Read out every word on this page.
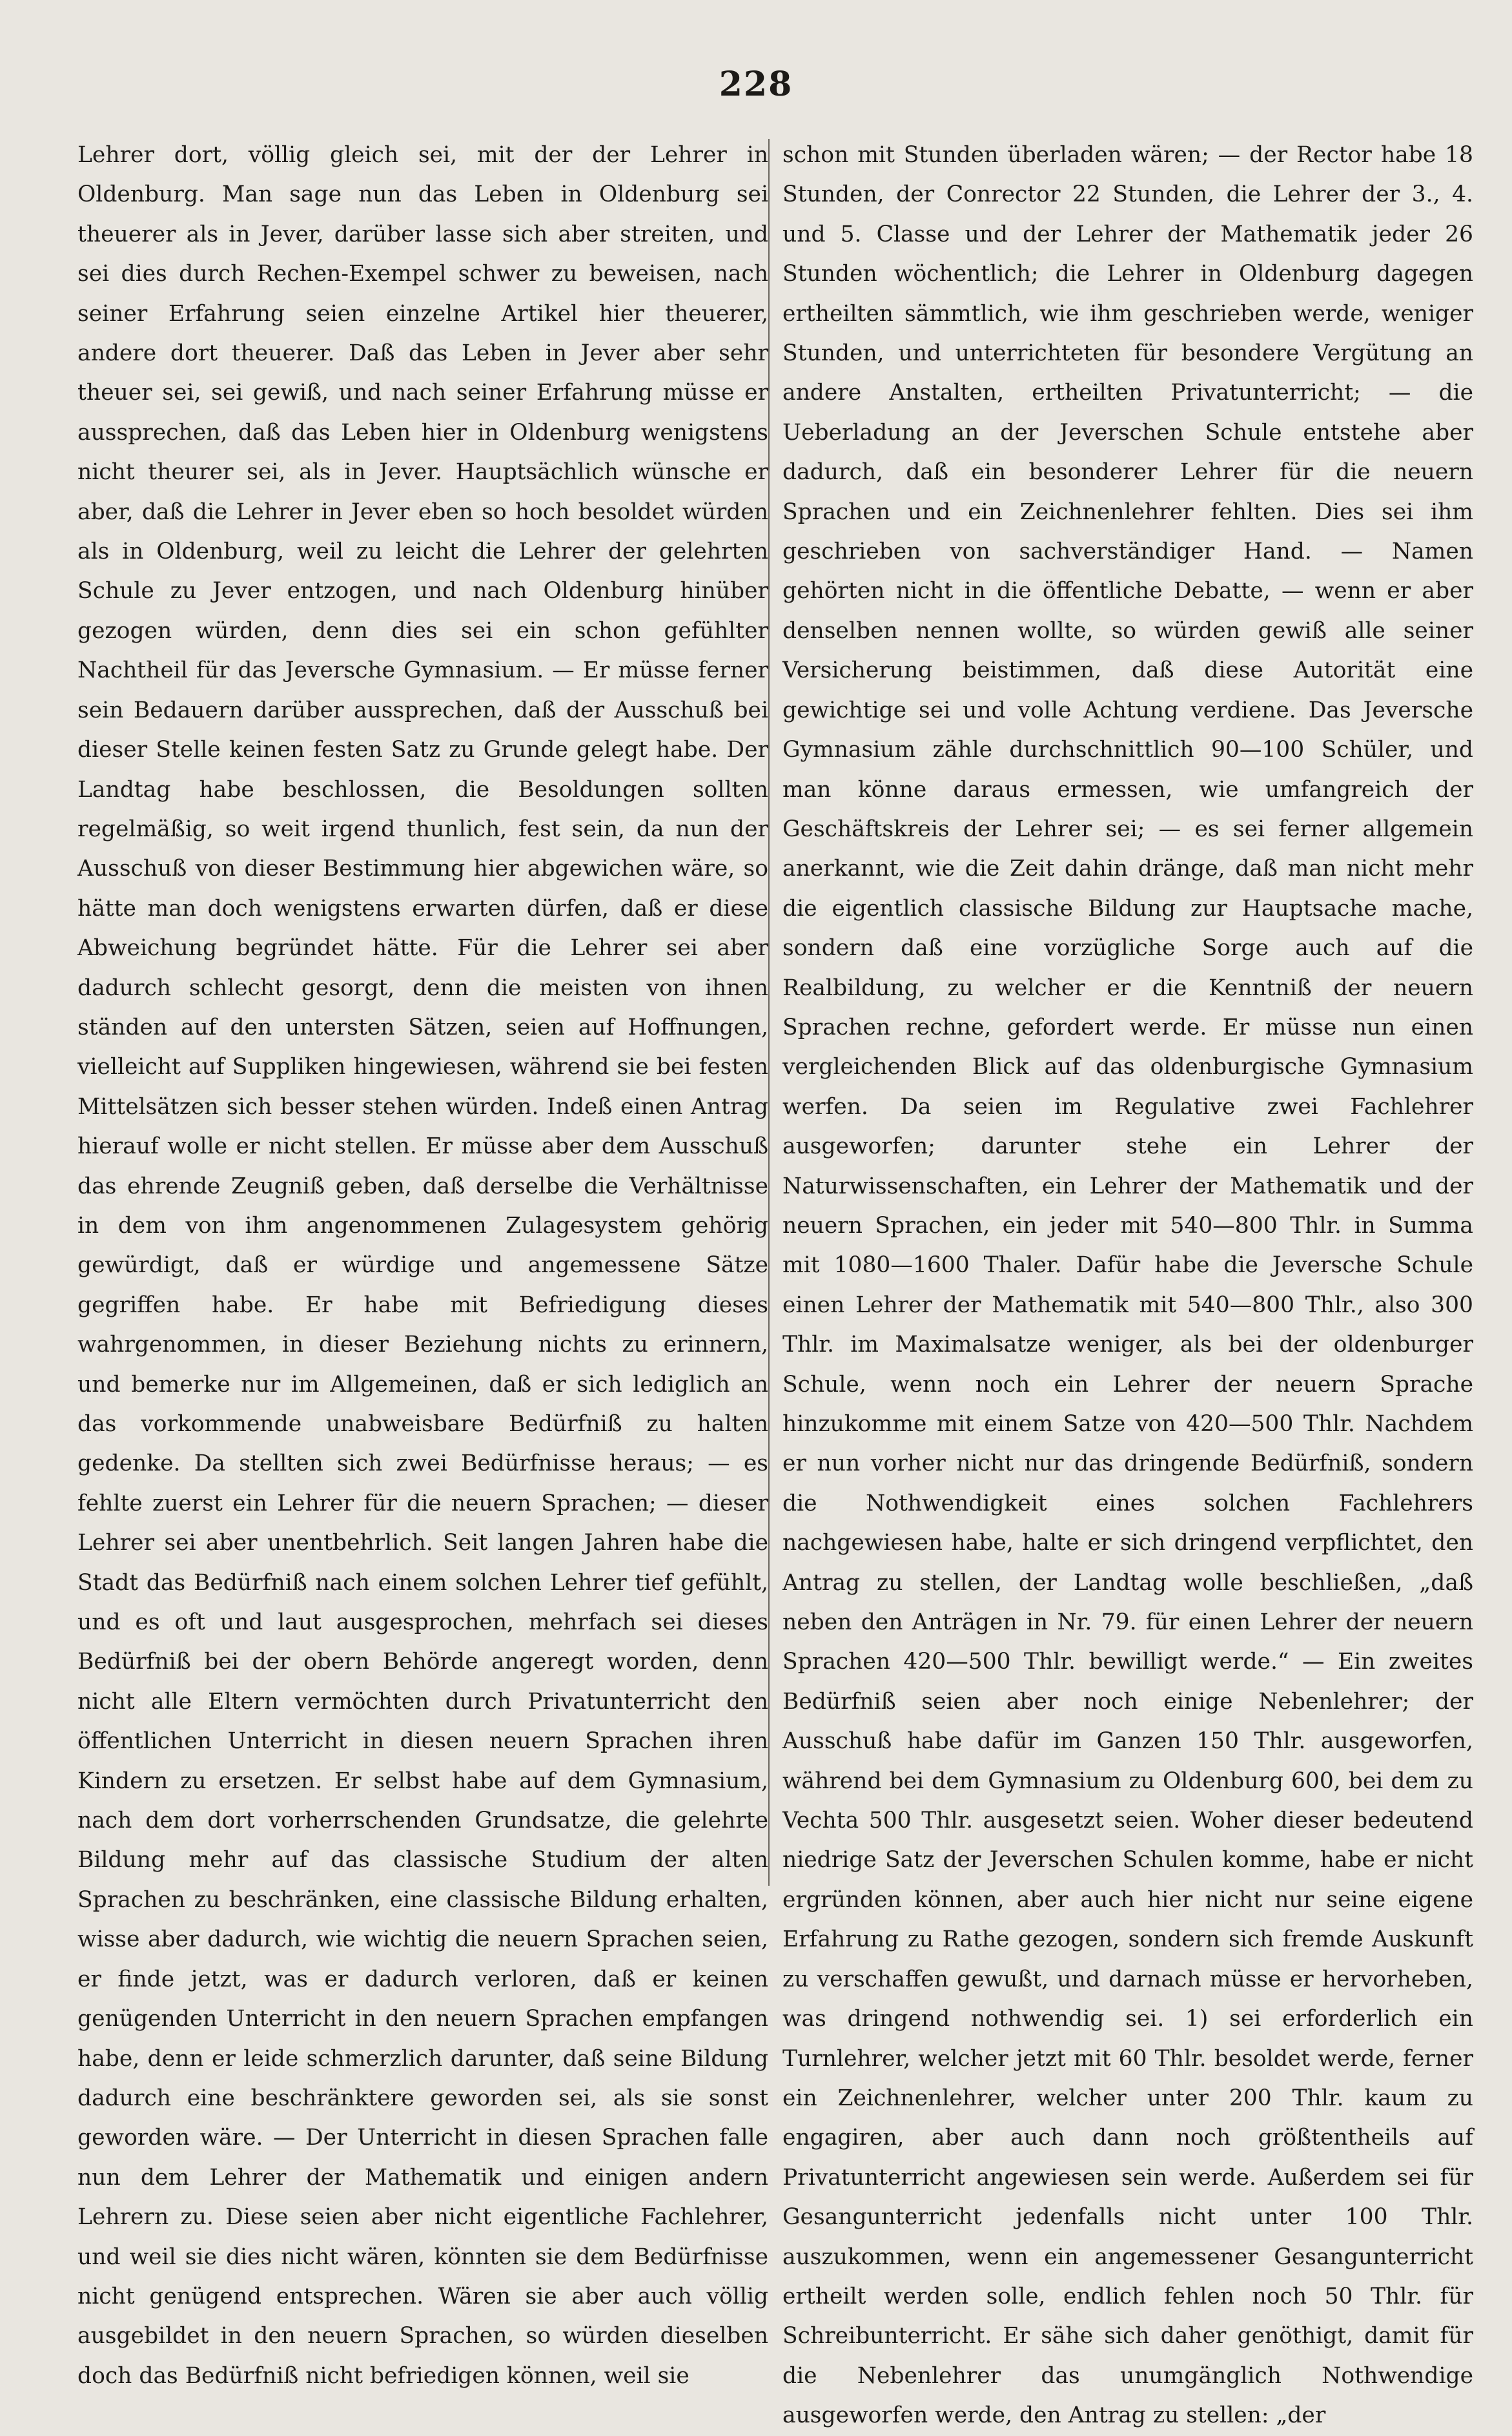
228

Lehrer dort, völlig gleich sei, mit der der Lehrer in Oldenburg. Man sage nun das Leben in Oldenburg sei theuerer als in Jever, darüber lasse sich aber streiten, und sei dies durch Rechen-Exempel schwer zu beweisen, nach seiner Erfahrung seien einzelne Artikel hier theuerer, andere dort theuerer. Daß das Leben in Jever aber sehr theuer sei, sei gewiß, und nach seiner Erfahrung müsse er aussprechen, daß das Leben hier in Oldenburg wenigstens nicht theurer sei, als in Jever. Hauptsächlich wünsche er aber, daß die Lehrer in Jever eben so hoch besoldet würden als in Oldenburg, weil zu leicht die Lehrer der gelehrten Schule zu Jever entzogen, und nach Oldenburg hinüber gezogen würden, denn dies sei ein schon gefühlter Nachtheil für das Jeversche Gymnasium. — Er müsse ferner sein Bedauern darüber aussprechen, daß der Ausschuß bei dieser Stelle keinen festen Satz zu Grunde gelegt habe. Der Landtag habe beschlossen, die Besoldungen sollten regelmäßig, so weit irgend thunlich, fest sein, da nun der Ausschuß von dieser Bestimmung hier abgewichen wäre, so hätte man doch wenigstens erwarten dürfen, daß er diese Abweichung begründet hätte. Für die Lehrer sei aber dadurch schlecht gesorgt, denn die meisten von ihnen ständen auf den untersten Sätzen, seien auf Hoffnungen, vielleicht auf Suppliken hingewiesen, während sie bei festen Mittelsätzen sich besser stehen würden. Indeß einen Antrag hierauf wolle er nicht stellen. Er müsse aber dem Ausschuß das ehrende Zeugniß geben, daß derselbe die Verhältnisse in dem von ihm angenommenen Zulagesystem gehörig gewürdigt, daß er würdige und angemessene Sätze gegriffen habe. Er habe mit Befriedigung dieses wahrgenommen, in dieser Beziehung nichts zu erinnern, und bemerke nur im Allgemeinen, daß er sich lediglich an das vorkommende unabweisbare Bedürfniß zu halten gedenke. Da stellten sich zwei Bedürfnisse heraus; — es fehlte zuerst ein Lehrer für die neuern Sprachen; — dieser Lehrer sei aber unentbehrlich. Seit langen Jahren habe die Stadt das Bedürfniß nach einem solchen Lehrer tief gefühlt, und es oft und laut ausgesprochen, mehrfach sei dieses Bedürfniß bei der obern Behörde angeregt worden, denn nicht alle Eltern vermöchten durch Privatunterricht den öffentlichen Unterricht in diesen neuern Sprachen ihren Kindern zu ersetzen. Er selbst habe auf dem Gymnasium, nach dem dort vorherrschenden Grundsatze, die gelehrte Bildung mehr auf das classische Studium der alten Sprachen zu beschränken, eine classische Bildung erhalten, wisse aber dadurch, wie wichtig die neuern Sprachen seien, er finde jetzt, was er dadurch verloren, daß er keinen genügenden Unterricht in den neuern Sprachen empfangen habe, denn er leide schmerzlich darunter, daß seine Bildung dadurch eine beschränktere geworden sei, als sie sonst geworden wäre. — Der Unterricht in diesen Sprachen falle nun dem Lehrer der Mathematik und einigen andern Lehrern zu. Diese seien aber nicht eigentliche Fachlehrer, und weil sie dies nicht wären, könnten sie dem Bedürfnisse nicht genügend entsprechen. Wären sie aber auch völlig ausgebildet in den neuern Sprachen, so würden dieselben doch das Bedürfniß nicht befriedigen können, weil sie

schon mit Stunden überladen wären; — der Rector habe 18 Stunden, der Conrector 22 Stunden, die Lehrer der 3., 4. und 5. Classe und der Lehrer der Mathematik jeder 26 Stunden wöchentlich; die Lehrer in Oldenburg dagegen ertheilten sämmtlich, wie ihm geschrieben werde, weniger Stunden, und unterrichteten für besondere Vergütung an andere Anstalten, ertheilten Privatunterricht; — die Ueberladung an der Jeverschen Schule entstehe aber dadurch, daß ein besonderer Lehrer für die neuern Sprachen und ein Zeichnenlehrer fehlten. Dies sei ihm geschrieben von sachverständiger Hand. — Namen gehörten nicht in die öffentliche Debatte, — wenn er aber denselben nennen wollte, so würden gewiß alle seiner Versicherung beistimmen, daß diese Autorität eine gewichtige sei und volle Achtung verdiene. Das Jeversche Gymnasium zähle durchschnittlich 90—100 Schüler, und man könne daraus ermessen, wie umfangreich der Geschäftskreis der Lehrer sei; — es sei ferner allgemein anerkannt, wie die Zeit dahin dränge, daß man nicht mehr die eigentlich classische Bildung zur Hauptsache mache, sondern daß eine vorzügliche Sorge auch auf die Realbildung, zu welcher er die Kenntniß der neuern Sprachen rechne, gefordert werde. Er müsse nun einen vergleichenden Blick auf das oldenburgische Gymnasium werfen. Da seien im Regulative zwei Fachlehrer ausgeworfen; darunter stehe ein Lehrer der Naturwissenschaften, ein Lehrer der Mathematik und der neuern Sprachen, ein jeder mit 540—800 Thlr. in Summa mit 1080—1600 Thaler. Dafür habe die Jeversche Schule einen Lehrer der Mathematik mit 540—800 Thlr., also 300 Thlr. im Maximalsatze weniger, als bei der oldenburger Schule, wenn noch ein Lehrer der neuern Sprache hinzukomme mit einem Satze von 420—500 Thlr. Nachdem er nun vorher nicht nur das dringende Bedürfniß, sondern die Nothwendigkeit eines solchen Fachlehrers nachgewiesen habe, halte er sich dringend verpflichtet, den Antrag zu stellen, der Landtag wolle beschließen, „daß neben den Anträgen in Nr. 79. für einen Lehrer der neuern Sprachen 420—500 Thlr. bewilligt werde.“ — Ein zweites Bedürfniß seien aber noch einige Nebenlehrer; der Ausschuß habe dafür im Ganzen 150 Thlr. ausgeworfen, während bei dem Gymnasium zu Oldenburg 600, bei dem zu Vechta 500 Thlr. ausgesetzt seien. Woher dieser bedeutend niedrige Satz der Jeverschen Schulen komme, habe er nicht ergründen können, aber auch hier nicht nur seine eigene Erfahrung zu Rathe gezogen, sondern sich fremde Auskunft zu verschaffen gewußt, und darnach müsse er hervorheben, was dringend nothwendig sei. 1) sei erforderlich ein Turnlehrer, welcher jetzt mit 60 Thlr. besoldet werde, ferner ein Zeichnenlehrer, welcher unter 200 Thlr. kaum zu engagiren, aber auch dann noch größtentheils auf Privatunterricht angewiesen sein werde. Außerdem sei für Gesangunterricht jedenfalls nicht unter 100 Thlr. auszukommen, wenn ein angemessener Gesangunterricht ertheilt werden solle, endlich fehlen noch 50 Thlr. für Schreibunterricht. Er sähe sich daher genöthigt, damit für die Nebenlehrer das unumgänglich Nothwendige ausgeworfen werde, den Antrag zu stellen: „der
